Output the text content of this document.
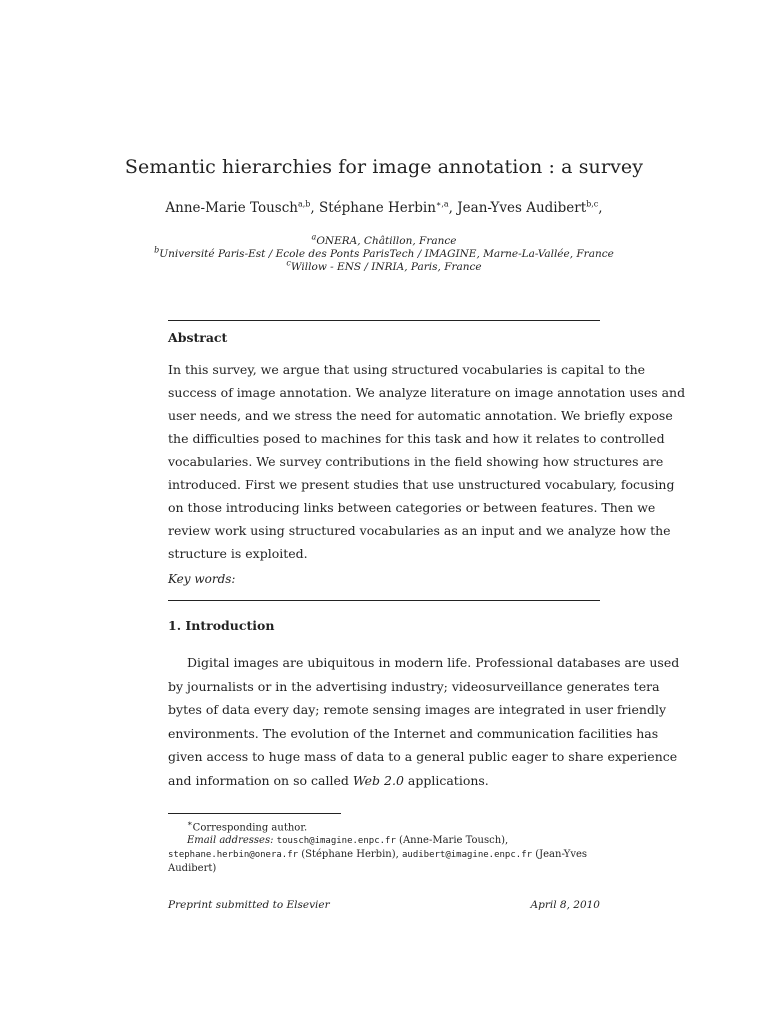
Semantic hierarchies for image annotation : a survey
Anne-Marie Tousch$^{a,b}$, Stéphane Herbin$^{∗,a}$, Jean-Yves Audibert$^{b,c}$,
$^a$ONERA, Châtillon, France
$^b$Université Paris-Est / Ecole des Ponts ParisTech / IMAGINE, Marne-La-Vallée, France
$^c$Willow - ENS / INRIA, Paris, France
Abstract
In this survey, we argue that using structured vocabularies is capital to the
success of image annotation. We analyze literature on image annotation uses and
user needs, and we stress the need for automatic annotation. We briefly expose
the difficulties posed to machines for this task and how it relates to controlled
vocabularies. We survey contributions in the field showing how structures are
introduced. First we present studies that use unstructured vocabulary, focusing
on those introducing links between categories or between features. Then we
review work using structured vocabularies as an input and we analyze how the
structure is exploited.
Key words:
1. Introduction
Digital images are ubiquitous in modern life. Professional databases are used
by journalists or in the advertising industry; videosurveillance generates tera
bytes of data every day; remote sensing images are integrated in user friendly
environments. The evolution of the Internet and communication facilities has
given access to huge mass of data to a general public eager to share experience
and information on so called Web 2.0 applications.
∗Corresponding author.
Email addresses: tousch@imagine.enpc.fr (Anne-Marie Tousch),
stephane.herbin@onera.fr (Stéphane Herbin), audibert@imagine.enpc.fr (Jean-Yves
Audibert)
Preprint submitted to Elsevier	April 8, 2010
